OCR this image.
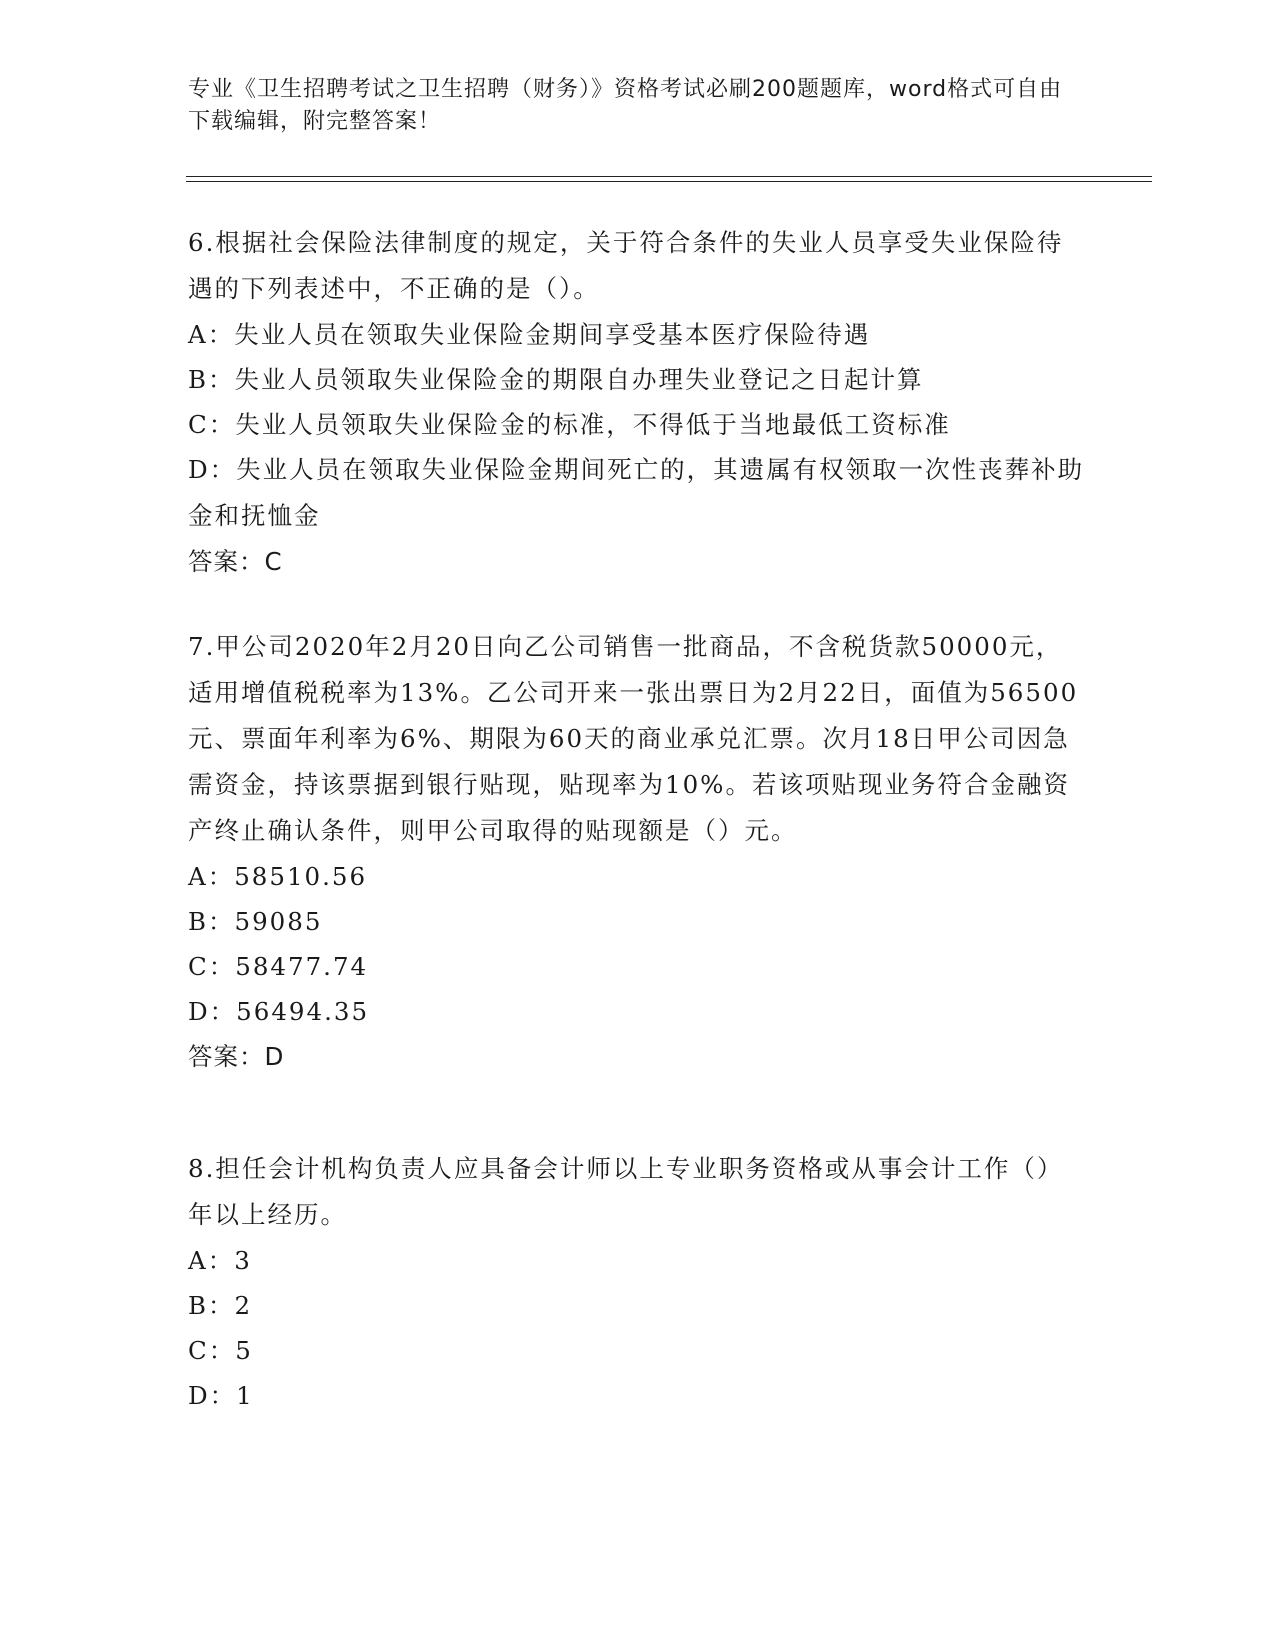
专业《卫生招聘考试之卫生招聘（财务）》资格考试必刷200题题库，word格式可自由下载编辑，附完整答案！
6.根据社会保险法律制度的规定，关于符合条件的失业人员享受失业保险待遇的下列表述中，不正确的是（）。
A：失业人员在领取失业保险金期间享受基本医疗保险待遇
B：失业人员领取失业保险金的期限自办理失业登记之日起计算
C：失业人员领取失业保险金的标准，不得低于当地最低工资标准
D：失业人员在领取失业保险金期间死亡的，其遗属有权领取一次性丧葬补助金和抚恤金
答案：C
7.甲公司2020年2月20日向乙公司销售一批商品，不含税货款50000元，适用增值税税率为13%。乙公司开来一张出票日为2月22日，面值为56500元、票面年利率为6%、期限为60天的商业承兑汇票。次月18日甲公司因急需资金，持该票据到银行贴现，贴现率为10%。若该项贴现业务符合金融资产终止确认条件，则甲公司取得的贴现额是（）元。
A：58510.56
B：59085
C：58477.74
D：56494.35
答案：D
8.担任会计机构负责人应具备会计师以上专业职务资格或从事会计工作（）年以上经历。
A：3
B：2
C：5
D：1
